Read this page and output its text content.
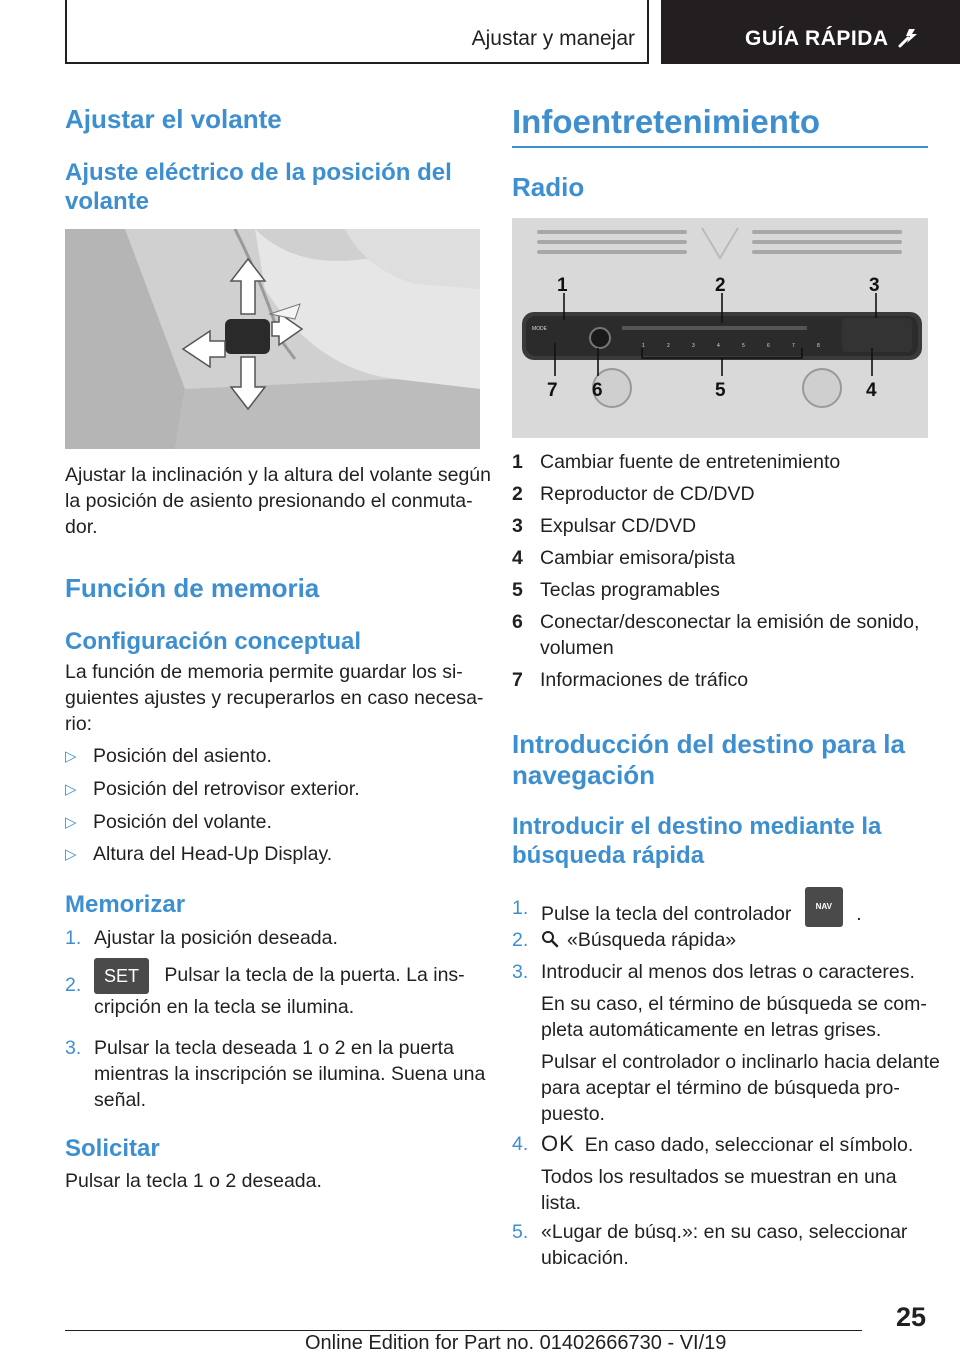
Ajustar y manejar	GUÍA RÁPIDA
Ajustar el volante
Ajuste eléctrico de la posición del
volante
Ajustar la inclinación y la altura del volante según
la posición de asiento presionando el conmuta‐
dor.
Función de memoria
Configuración conceptual
La función de memoria permite guardar los si‐
guientes ajustes y recuperarlos en caso necesa‐
rio:
▷ Posición del asiento.
▷ Posición del retrovisor exterior.
▷ Posición del volante.
▷ Altura del Head-Up Display.
Memorizar
1. Ajustar la posición deseada.
2.	SET Pulsar la tecla de la puerta. La ins‐
cripción en la tecla se ilumina.
3. Pulsar la tecla deseada 1 o 2 en la puerta
mientras la inscripción se ilumina. Suena una
señal.
Solicitar
Pulsar la tecla 1 o 2 deseada.
Infoentretenimiento
Radio
MODE
1	2	3	4	5	6	7	8
1	2	3
7 6	5	4
1 Cambiar fuente de entretenimiento
2 Reproductor de CD/DVD
3 Expulsar CD/DVD
4 Cambiar emisora/pista
5 Teclas programables
6 Conectar/desconectar la emisión de sonido,
volumen
7 Informaciones de tráfico
Introducción del destino para la
navegación
Introducir el destino mediante la
búsqueda rápida
1. Pulse la tecla del controlador	NAV .
2.	«Búsqueda rápida»
3. Introducir al menos dos letras o caracteres.
En su caso, el término de búsqueda se com‐
pleta automáticamente en letras grises.
Pulsar el controlador o inclinarlo hacia delante
para aceptar el término de búsqueda pro‐
puesto.
4. OK En caso dado, seleccionar el símbolo.
Todos los resultados se muestran en una
lista.
5. «Lugar de búsq.»: en su caso, seleccionar
ubicación.
25
Online Edition for Part no. 01402666730 - VI/19
